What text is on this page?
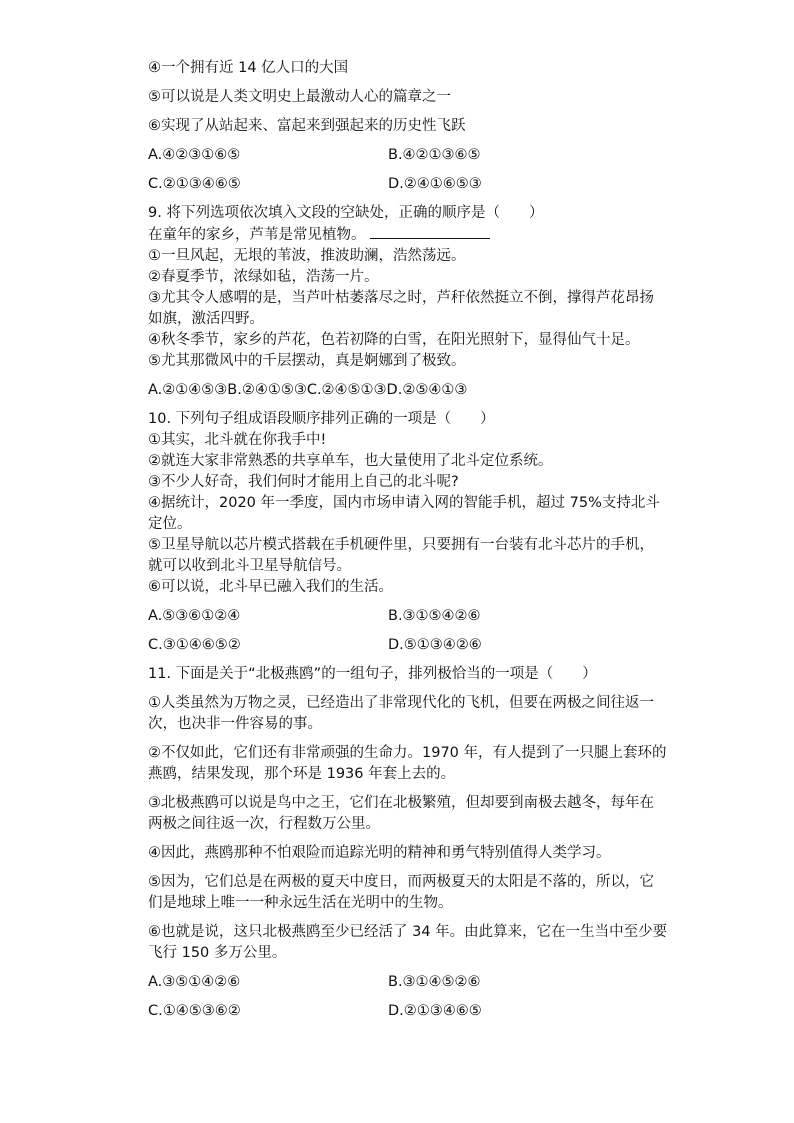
④一个拥有近 14 亿人口的大国
⑤可以说是人类文明史上最激动人心的篇章之一
⑥实现了从站起来、富起来到强起来的历史性飞跃
A.④②③①⑥⑤	B.④②①③⑥⑤
C.②①③④⑥⑤	D.②④①⑥⑤③
9. 将下列选项依次填入文段的空缺处，正确的顺序是（　　）
在童年的家乡，芦苇是常见植物。
①一旦风起，无垠的苇波，推波助澜，浩然荡远。
②春夏季节，浓绿如毡，浩荡一片。
③尤其令人感喟的是，当芦叶枯萎落尽之时，芦秆依然挺立不倒，撑得芦花昂扬如旗，激活四野。
④秋冬季节，家乡的芦花，色若初降的白雪，在阳光照射下，显得仙气十足。
⑤尤其那微风中的千层摆动，真是婀娜到了极致。
A.②①④⑤③B.②④①⑤③C.②④⑤①③D.②⑤④①③
10. 下列句子组成语段顺序排列正确的一项是（　　）
①其实，北斗就在你我手中!
②就连大家非常熟悉的共享单车，也大量使用了北斗定位系统。
③不少人好奇，我们何时才能用上自己的北斗呢?
④据统计，2020 年一季度，国内市场申请入网的智能手机，超过 75%支持北斗定位。
⑤卫星导航以芯片模式搭载在手机硬件里，只要拥有一台装有北斗芯片的手机，就可以收到北斗卫星导航信号。
⑥可以说，北斗早已融入我们的生活。
A.⑤③⑥①②④	B.③①⑤④②⑥
C.③①④⑥⑤②	D.⑤①③④②⑥
11. 下面是关于“北极燕鸥”的一组句子，排列极恰当的一项是（　　）
①人类虽然为万物之灵，已经造出了非常现代化的飞机，但要在两极之间往返一次，也决非一件容易的事。
②不仅如此，它们还有非常顽强的生命力。1970 年，有人提到了一只腿上套环的燕鸥，结果发现，那个环是 1936 年套上去的。
③北极燕鸥可以说是鸟中之王，它们在北极繁殖，但却要到南极去越冬，每年在两极之间往返一次，行程数万公里。
④因此，燕鸥那种不怕艰险而追踪光明的精神和勇气特别值得人类学习。
⑤因为，它们总是在两极的夏天中度日，而两极夏天的太阳是不落的，所以，它们是地球上唯一一种永远生活在光明中的生物。
⑥也就是说，这只北极燕鸥至少已经活了 34 年。由此算来，它在一生当中至少要飞行 150 多万公里。
A.③⑤①④②⑥	B.③①④⑤②⑥
C.①④⑤③⑥②	D.②①③④⑥⑤
